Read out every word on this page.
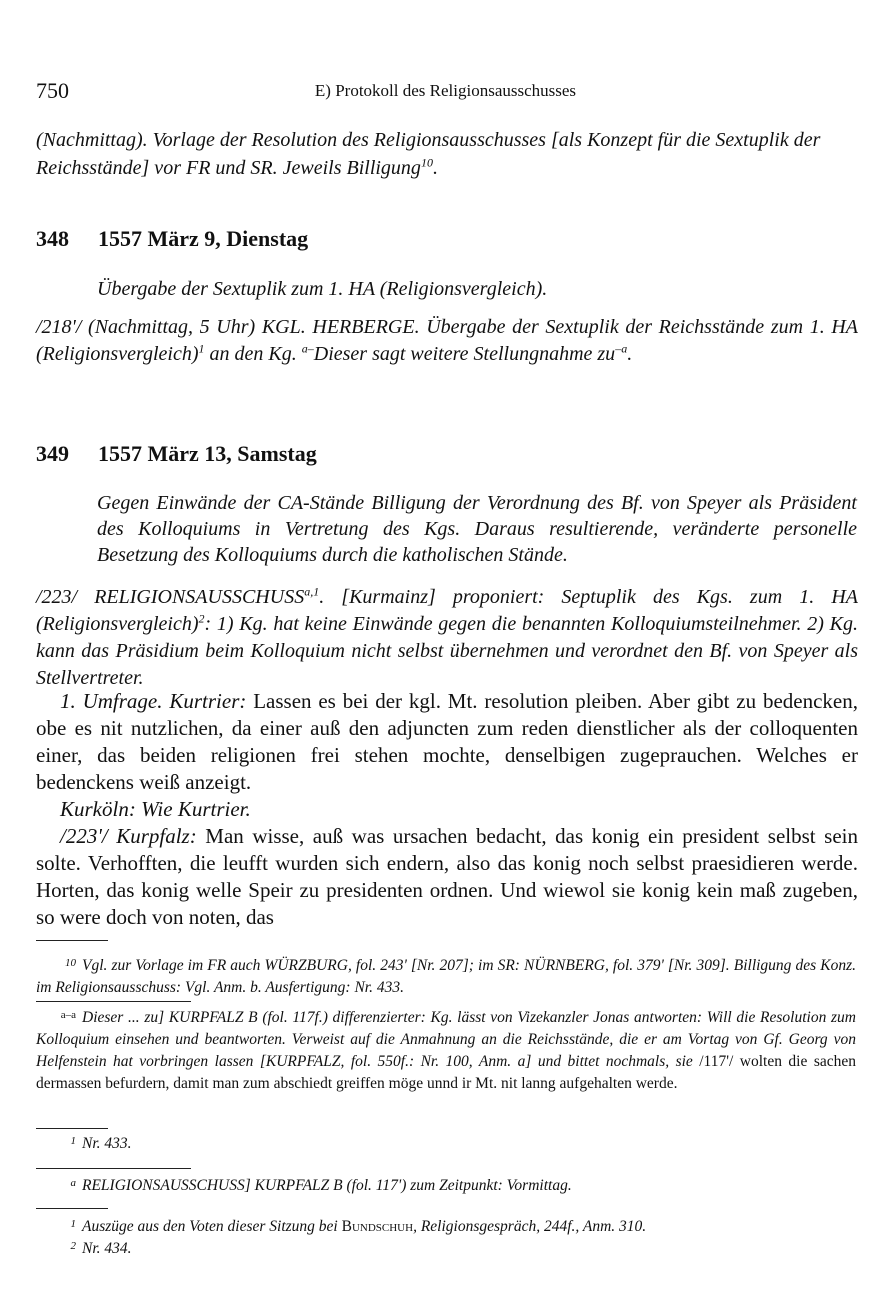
750	E) Protokoll des Religionsausschusses
(Nachmittag). Vorlage der Resolution des Religionsausschusses [als Konzept für die Sextuplik der Reichsstände] vor FR und SR. Jeweils Billigung$^{10}$.
348 1557 März 9, Dienstag
Übergabe der Sextuplik zum 1. HA (Religionsvergleich).
/218'/ (Nachmittag, 5 Uhr) KGL. HERBERGE. Übergabe der Sextuplik der Reichsstände zum 1. HA (Religionsvergleich)$^1$ an den Kg. $^{a-}$Dieser sagt weitere Stellungnahme $zu^{-a}$.
349 1557 März 13, Samstag
Gegen Einwände der CA-Stände Billigung der Verordnung des Bf. von Speyer als Präsident des Kolloquiums in Vertretung des Kgs. Daraus resultierende, veränderte personelle Besetzung des Kolloquiums durch die katholischen Stände.
/223/ RELIGIONSAUSSCHUSS$^{a,1}$. [Kurmainz] proponiert: Septuplik des Kgs. zum 1. HA (Religionsvergleich)$^2$: 1) Kg. hat keine Einwände gegen die benannten Kolloquiumsteilnehmer. 2) Kg. kann das Präsidium beim Kolloquium nicht selbst übernehmen und verordnet den Bf. von Speyer als Stellvertreter.
1. Umfrage. Kurtrier: Lassen es bei der kgl. Mt. resolution pleiben. Aber gibt zu bedencken, obe es nit nutzlichen, da einer auß den adjuncten zum reden dienstlicher als der colloquenten einer, das beiden religionen frei stehen mochte, denselbigen zugeprauchen. Welches er bedenckens weiß anzeigt.
Kurköln: Wie Kurtrier.
/223'/ Kurpfalz: Man wisse, auß was ursachen bedacht, das konig ein president selbst sein solte. Verhofften, die leufft wurden sich endern, also das konig noch selbst praesidieren werde. Horten, das konig welle Speir zu presidenten ordnen. Und wiewol sie konig kein maß zugeben, so were doch von noten, das
10 Vgl. zur Vorlage im FR auch WÜRZBURG, fol. 243' [Nr. 207]; im SR: NÜRNBERG, fol. 379' [Nr. 309]. Billigung des Konz. im Religionsausschuss: Vgl. Anm. b. Ausfertigung: Nr. 433.
a–a Dieser ... zu] KURPFALZ B (fol. 117f.) differenzierter: Kg. lässt von Vizekanzler Jonas antworten: Will die Resolution zum Kolloquium einsehen und beantworten. Verweist auf die Anmahnung an die Reichsstände, die er am Vortag von Gf. Georg von Helfenstein hat vorbringen lassen [KURPFALZ, fol. 550f.: Nr. 100, Anm. a] und bittet nochmals, sie /117'/ wolten die sachen dermassen befurdern, damit man zum abschiedt greiffen möge unnd ir Mt. nit lanng aufgehalten werde.
1 Nr. 433.
a RELIGIONSAUSSCHUSS] KURPFALZ B (fol. 117') zum Zeitpunkt: Vormittag.
1 Auszüge aus den Voten dieser Sitzung bei Bundschuh, Religionsgespräch, 244f., Anm. 310.
2 Nr. 434.
